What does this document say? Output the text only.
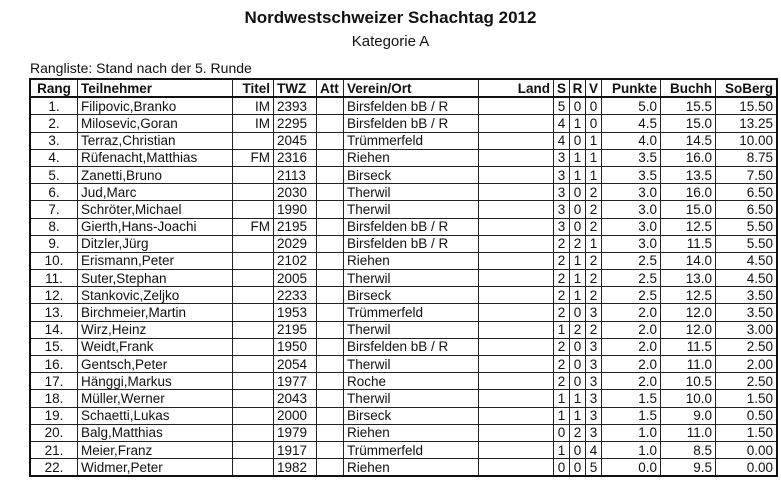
Nordwestschweizer Schachtag 2012
Kategorie A
Rangliste: Stand nach der 5. Runde
Rang	Teilnehmer	Titel	TWZ	Att	Verein/Ort	Land	S	R	V	Punkte	Buchh	SoBerg
1.	Filipovic,Branko	IM	2393		Birsfelden bB / R		5	0	0	5.0	15.5	15.50
2.	Milosevic,Goran	IM	2295		Birsfelden bB / R		4	1	0	4.5	15.0	13.25
3.	Terraz,Christian		2045		Trümmerfeld		4	0	1	4.0	14.5	10.00
4.	Rüfenacht,Matthias	FM	2316		Riehen		3	1	1	3.5	16.0	8.75
5.	Zanetti,Bruno		2113		Birseck		3	1	1	3.5	13.5	7.50
6.	Jud,Marc		2030		Therwil		3	0	2	3.0	16.0	6.50
7.	Schröter,Michael		1990		Therwil		3	0	2	3.0	15.0	6.50
8.	Gierth,Hans-Joachi	FM	2195		Birsfelden bB / R		3	0	2	3.0	12.5	5.50
9.	Ditzler,Jürg		2029		Birsfelden bB / R		2	2	1	3.0	11.5	5.50
10.	Erismann,Peter		2102		Riehen		2	1	2	2.5	14.0	4.50
11.	Suter,Stephan		2005		Therwil		2	1	2	2.5	13.0	4.50
12.	Stankovic,Zeljko		2233		Birseck		2	1	2	2.5	12.5	3.50
13.	Birchmeier,Martin		1953		Trümmerfeld		2	0	3	2.0	12.0	3.50
14.	Wirz,Heinz		2195		Therwil		1	2	2	2.0	12.0	3.00
15.	Weidt,Frank		1950		Birsfelden bB / R		2	0	3	2.0	11.5	2.50
16.	Gentsch,Peter		2054		Therwil		2	0	3	2.0	11.0	2.00
17.	Hänggi,Markus		1977		Roche		2	0	3	2.0	10.5	2.50
18.	Müller,Werner		2043		Therwil		1	1	3	1.5	10.0	1.50
19.	Schaetti,Lukas		2000		Birseck		1	1	3	1.5	9.0	0.50
20.	Balg,Matthias		1979		Riehen		0	2	3	1.0	11.0	1.50
21.	Meier,Franz		1917		Trümmerfeld		1	0	4	1.0	8.5	0.00
22.	Widmer,Peter		1982		Riehen		0	0	5	0.0	9.5	0.00
